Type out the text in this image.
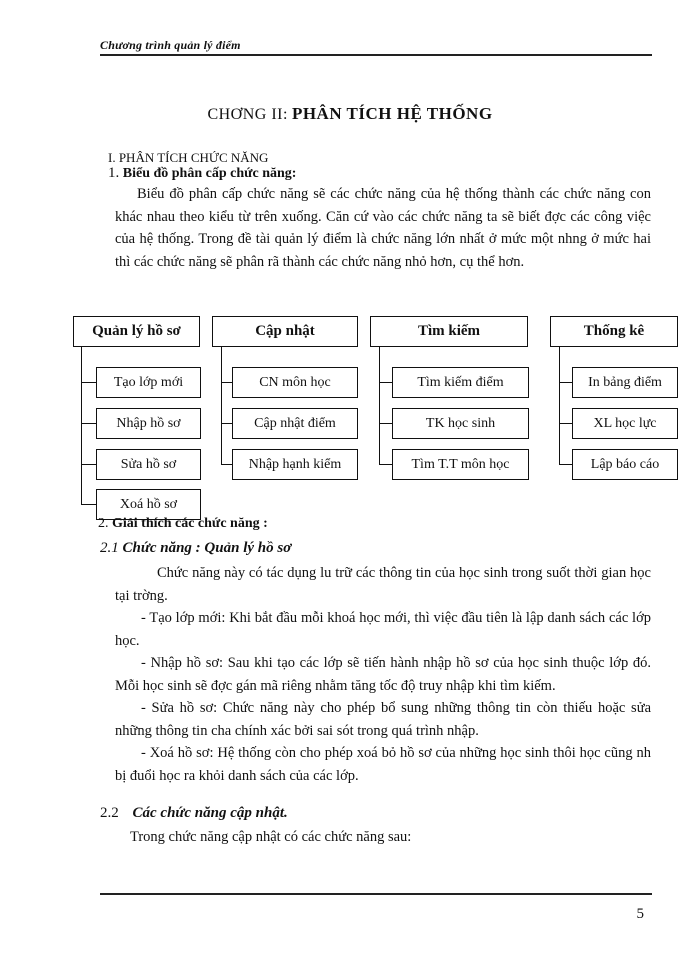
Chương trình quản lý điểm
CHƠNG II: PHÂN TÍCH HỆ THỐNG
I. PHÂN TÍCH CHỨC NĂNG
1. Biểu đồ phân cấp chức năng:

Biểu đồ phân cấp chức năng sẽ các chức năng của hệ thống thành các chức năng con khác nhau theo kiểu từ trên xuống. Căn cứ vào các chức năng ta sẽ biết đợc các công việc của hệ thống. Trong đề tài quản lý điểm là chức năng lớn nhất ở mức một nhng ở mức hai thì các chức năng sẽ phân rã thành các chức năng nhỏ hơn, cụ thể hơn.

Quản lý hồ sơ
Tạo lớp mới
Nhập hồ sơ
Sửa hồ sơ
Xoá hồ sơ
Cập nhật
CN môn học
Cập nhật điểm
Nhập hạnh kiểm
Tìm kiếm
Tìm kiếm điểm
TK học sinh
Tìm T.T môn học
Thống kê
In bảng điểm
XL học lực
Lập báo cáo
2. Giải thích các chức năng :
2.1 Chức năng : Quản lý hồ sơ

Chức năng này có tác dụng lu trữ các thông tin của học sinh trong suốt thời gian học tại trờng.

- Tạo lớp mới: Khi bắt đầu mỗi khoá học mới, thì việc đầu tiên là lập danh sách các lớp học.

- Nhập hồ sơ: Sau khi tạo các lớp sẽ tiến hành nhập hồ sơ của học sinh thuộc lớp đó. Mỗi học sinh sẽ đợc gán mã riêng nhằm tăng tốc độ truy nhập khi tìm kiếm.

- Sửa hồ sơ: Chức năng này cho phép bổ sung những thông tin còn thiếu hoặc sửa những thông tin cha chính xác bởi sai sót trong quá trình nhập.

- Xoá hồ sơ: Hệ thống còn cho phép xoá bỏ hồ sơ của những học sinh thôi học cũng nh bị đuổi học ra khỏi danh sách của các lớp.

2.2 Các chức năng cập nhật.

Trong chức năng cập nhật có các chức năng sau:

5
